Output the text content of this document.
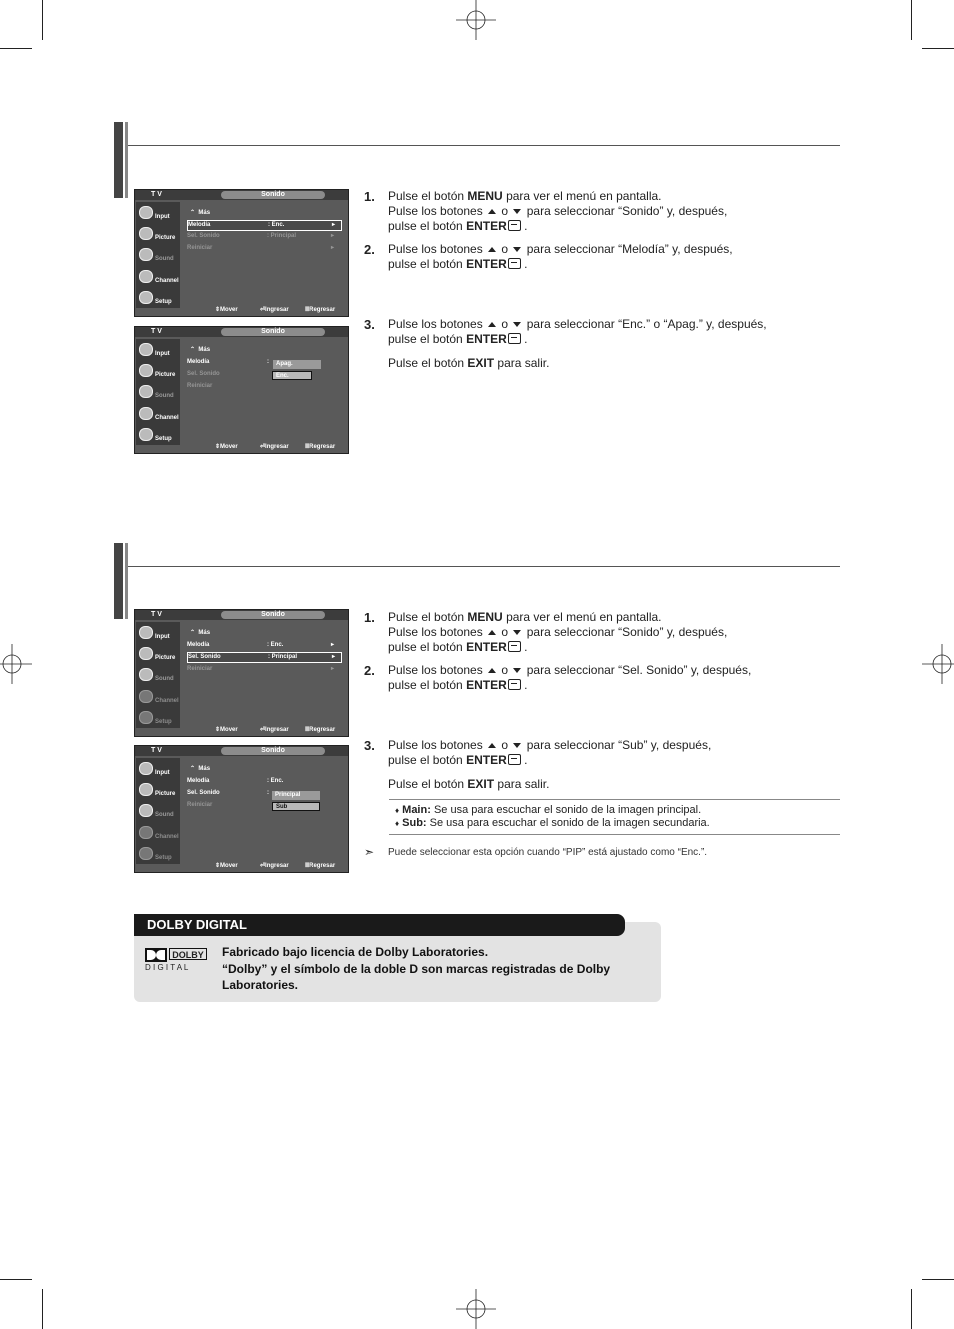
T V	Sonido
Input
Picture
Sound
Channel
Setup
⌃  Más
Melodía	: Enc.	▸
Sel. Sonido	: Principal	▸
Reiniciar	▸
⇕Mover	⏎Ingresar	ⅢRegresar
T V	Sonido
Input
Picture
Sound
Channel
Setup
⌃  Más
Melodía	:
Sel. Sonido
Reiniciar
Apag.
Enc.
⇕Mover	⏎Ingresar	ⅢRegresar
1. Pulse el botón MENU para ver el menú en pantalla.
Pulse los botones  o  para seleccionar “Sonido” y, después,
pulse el botón ENTER .
2. Pulse los botones  o  para seleccionar “Melodía” y, después,
pulse el botón ENTER .
3. Pulse los botones  o  para seleccionar “Enc.” o “Apag.” y, después,
pulse el botón ENTER .
Pulse el botón EXIT para salir.
T V	Sonido
Input
Picture
Sound
Channel
Setup
⌃  Más
Melodía	: Enc.	▸
Sel. Sonido	: Principal	▸
Reiniciar	▸
⇕Mover	⏎Ingresar	ⅢRegresar
T V	Sonido
Input
Picture
Sound
Channel
Setup
⌃  Más
Melodía	: Enc.
Sel. Sonido	:
Reiniciar
Principal
Sub
⇕Mover	⏎Ingresar	ⅢRegresar
1. Pulse el botón MENU para ver el menú en pantalla.
Pulse los botones  o  para seleccionar “Sonido” y, después,
pulse el botón ENTER .
2. Pulse los botones  o  para seleccionar “Sel. Sonido” y, después,
pulse el botón ENTER .
3. Pulse los botones  o  para seleccionar “Sub” y, después,
pulse el botón ENTER .
Pulse el botón EXIT para salir.
♦ Main: Se usa para escuchar el sonido de la imagen principal.
♦ Sub: Se usa para escuchar el sonido de la imagen secundaria.
➣ Puede seleccionar esta opción cuando “PIP” está ajustado como “Enc.”.
DOLBY DIGITAL
DOLBY
D I G I T A L
Fabricado bajo licencia de Dolby Laboratories.
“Dolby” y el símbolo de la doble D son marcas registradas de Dolby Laboratories.
